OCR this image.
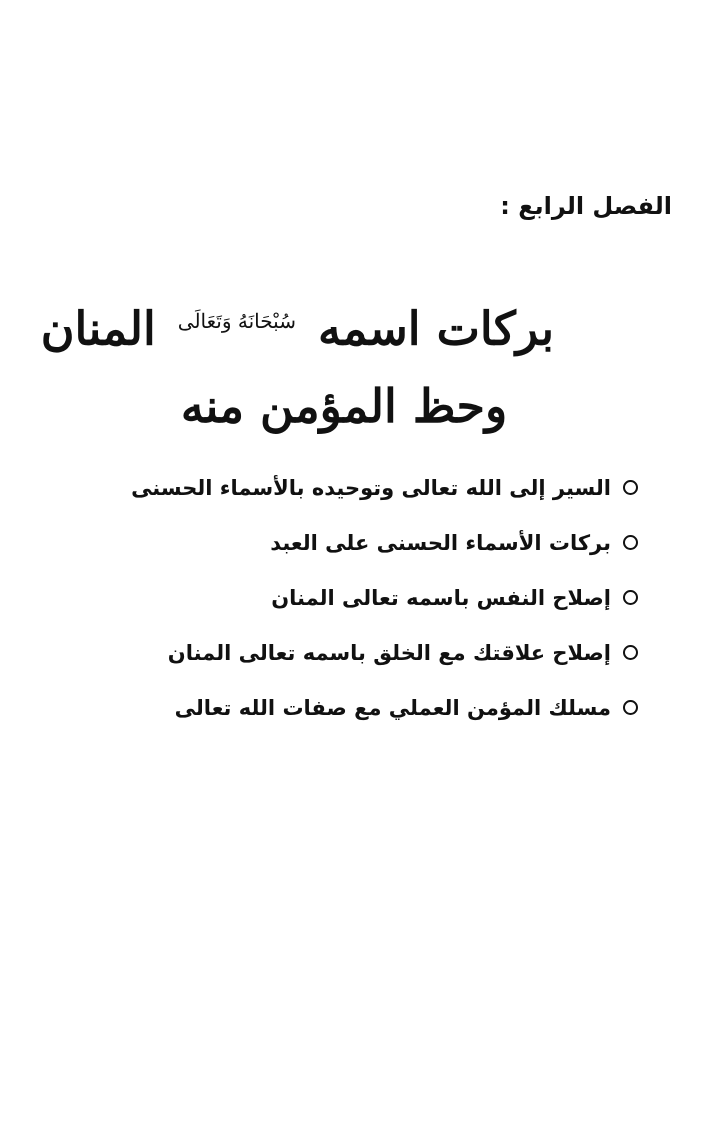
الفصل الرابع :
بركات اسمه $^{سُبْحَانَهُ وَتَعَالَى}$ المنان
وحظ المؤمن منه
السير إلى الله تعالى وتوحيده بالأسماء الحسنى
بركات الأسماء الحسنى على العبد
إصلاح النفس باسمه تعالى المنان
إصلاح علاقتك مع الخلق باسمه تعالى المنان
مسلك المؤمن العملي مع صفات الله تعالى
